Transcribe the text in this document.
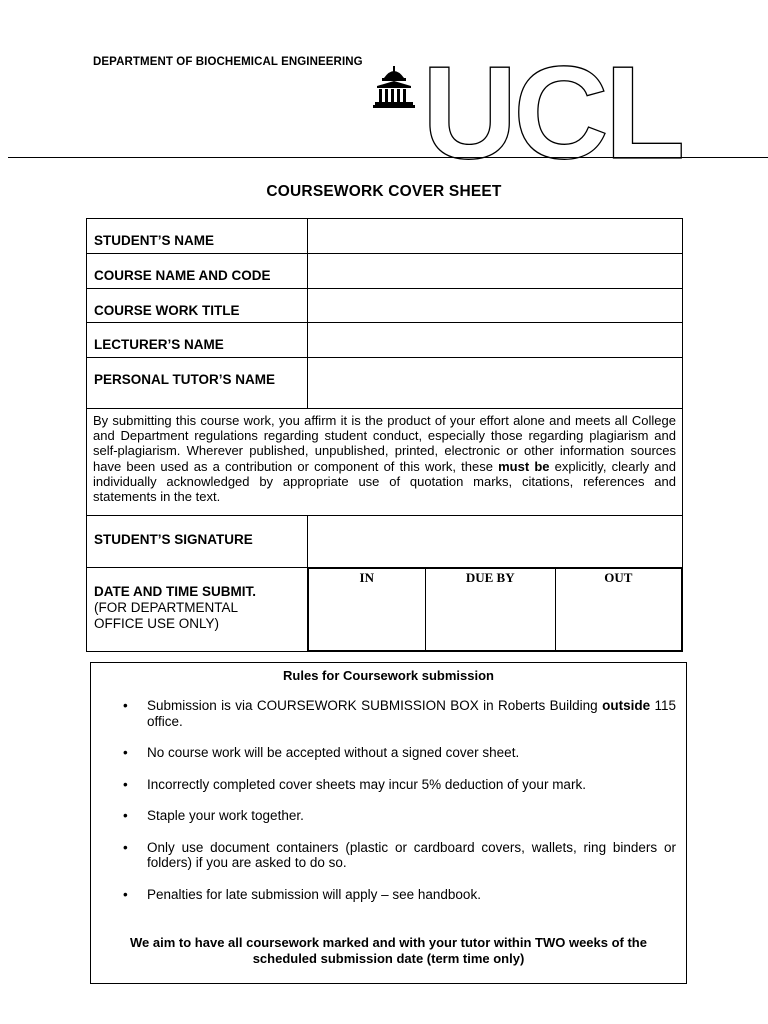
DEPARTMENT OF BIOCHEMICAL ENGINEERING UCL
COURSEWORK COVER SHEET
STUDENT’S NAME	
COURSE NAME AND CODE	
COURSE WORK TITLE	
LECTURER’S NAME	
PERSONAL TUTOR’S NAME	
By submitting this course work, you affirm it is the product of your effort alone and meets all College and Department regulations regarding student conduct, especially those regarding plagiarism and self-plagiarism. Wherever published, unpublished, printed, electronic or other information sources have been used as a contribution or component of this work, these must be explicitly, clearly and individually acknowledged by appropriate use of quotation marks, citations, references and statements in the text.
STUDENT’S SIGNATURE	

DATE AND TIME SUBMIT.
(FOR DEPARTMENTAL
OFFICE USE ONLY)

IN	DUE BY	OUT
Rules for Coursework submission
• Submission is via COURSEWORK SUBMISSION BOX in Roberts Building outside 115 office.
• No course work will be accepted without a signed cover sheet.
• Incorrectly completed cover sheets may incur 5% deduction of your mark.
• Staple your work together.
• Only use document containers (plastic or cardboard covers, wallets, ring binders or folders) if you are asked to do so.
• Penalties for late submission will apply – see handbook.
We aim to have all coursework marked and with your tutor within TWO weeks of the scheduled submission date (term time only)
